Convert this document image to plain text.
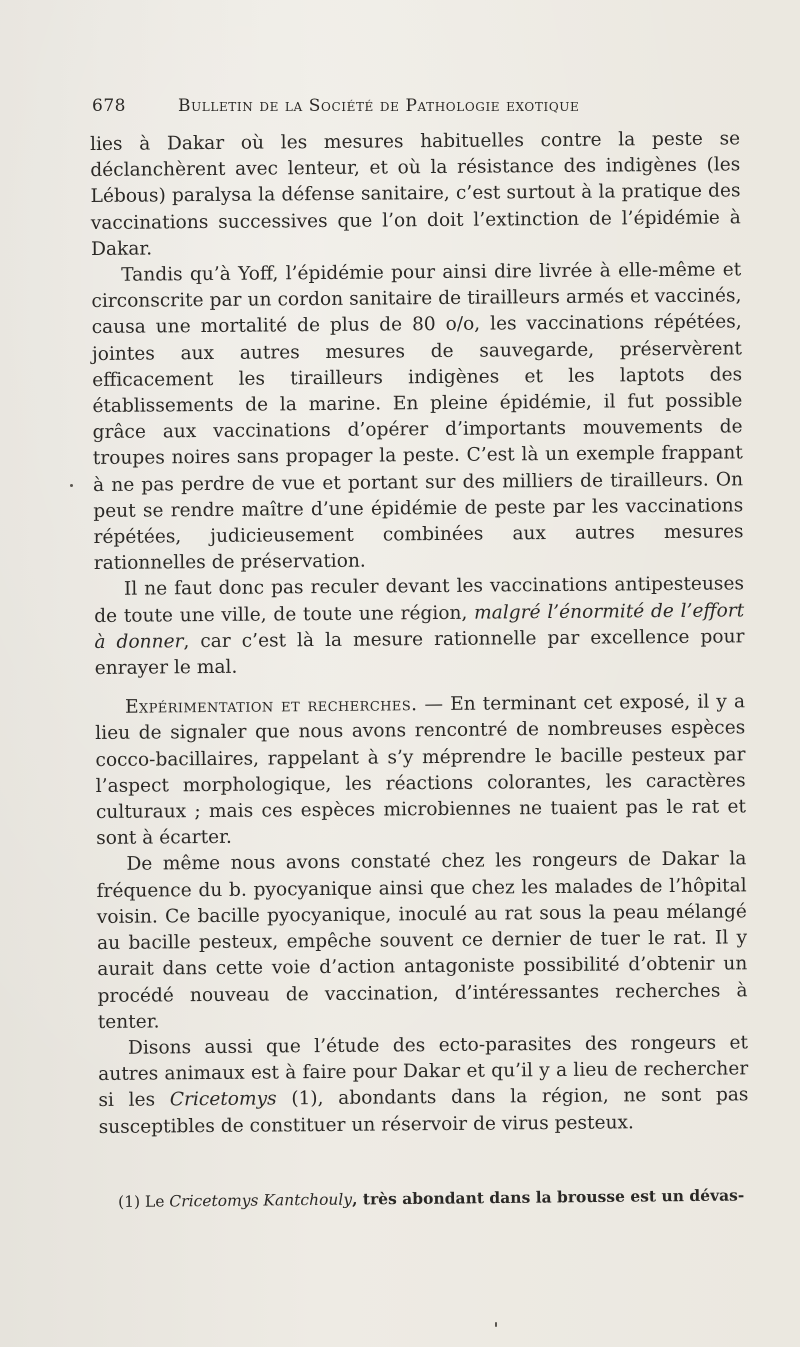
678	Bulletin de la Société de Pathologie exotique

lies à Dakar où les mesures habituelles contre la peste se déclanchèrent avec lenteur, et où la résistance des indigènes (les Lébous) paralysa la défense sanitaire, c’est surtout à la pratique des vaccinations successives que l’on doit l’extinction de l’épidémie à Dakar.

Tandis qu’à Yoff, l’épidémie pour ainsi dire livrée à elle-même et circonscrite par un cordon sanitaire de tirailleurs armés et vaccinés, causa une mortalité de plus de 80 o/o, les vaccinations répétées, jointes aux autres mesures de sauvegarde, préservèrent efficacement les tirailleurs indigènes et les laptots des établissements de la marine. En pleine épidémie, il fut possible grâce aux vaccinations d’opérer d’importants mouvements de troupes noires sans propager la peste. C’est là un exemple frappant à ne pas perdre de vue et portant sur des milliers de tirailleurs. On peut se rendre maître d’une épidémie de peste par les vaccinations répétées, judicieusement combinées aux autres mesures rationnelles de préservation.

Il ne faut donc pas reculer devant les vaccinations antipesteuses de toute une ville, de toute une région, malgré l’énormité de l’effort à donner, car c’est là la mesure rationnelle par excellence pour enrayer le mal.

Expérimentation et recherches. — En terminant cet exposé, il y a lieu de signaler que nous avons rencontré de nombreuses espèces cocco-bacillaires, rappelant à s’y méprendre le bacille pesteux par l’aspect morphologique, les réactions colorantes, les caractères culturaux ; mais ces espèces microbiennes ne tuaient pas le rat et sont à écarter.

De même nous avons constaté chez les rongeurs de Dakar la fréquence du b. pyocyanique ainsi que chez les malades de l’hôpital voisin. Ce bacille pyocyanique, inoculé au rat sous la peau mélangé au bacille pesteux, empêche souvent ce dernier de tuer le rat. Il y aurait dans cette voie d’action antagoniste possibilité d’obtenir un procédé nouveau de vaccination, d’intéressantes recherches à tenter.

Disons aussi que l’étude des ecto-parasites des rongeurs et autres animaux est à faire pour Dakar et qu’il y a lieu de rechercher si les Cricetomys (1), abondants dans la région, ne sont pas susceptibles de constituer un réservoir de virus pesteux.

(1) Le Cricetomys Kantchouly, très abondant dans la brousse est un dévas-
